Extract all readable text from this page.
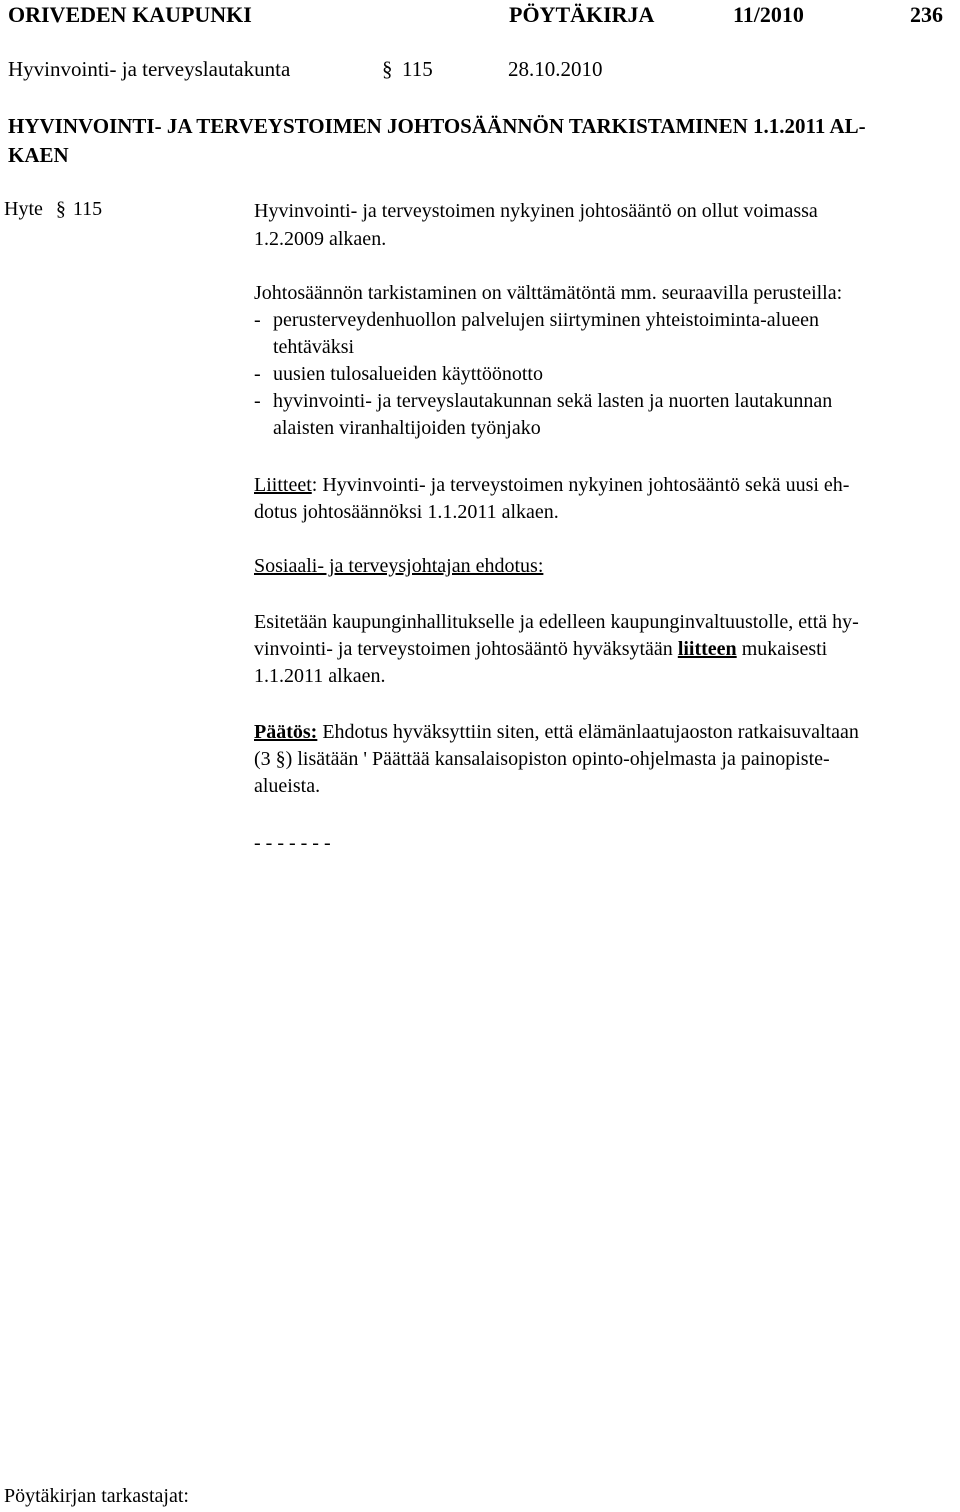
ORIVEDEN KAUPUNKI	PÖYTÄKIRJA	11/2010	236
Hyvinvointi- ja terveyslautakunta	§ 115	28.10.2010
HYVINVOINTI- JA TERVEYSTOIMEN JOHTOSÄÄNNÖN TARKISTAMINEN 1.1.2011 AL-
KAEN
Hyte § 115	Hyvinvointi- ja terveystoimen nykyinen johtosääntö on ollut voimassa
1.2.2009 alkaen.
Johtosäännön tarkistaminen on välttämätöntä mm. seuraavilla perusteilla:
- perusterveydenhuollon palvelujen siirtyminen yhteistoiminta-alueen
tehtäväksi
- uusien tulosalueiden käyttöönotto
- hyvinvointi- ja terveyslautakunnan sekä lasten ja nuorten lautakunnan
alaisten viranhaltijoiden työnjako
Liitteet: Hyvinvointi- ja terveystoimen nykyinen johtosääntö sekä uusi eh-
dotus johtosäännöksi 1.1.2011 alkaen.
Sosiaali- ja terveysjohtajan ehdotus:
Esitetään kaupunginhallitukselle ja edelleen kaupunginvaltuustolle, että hy-
vinvointi- ja terveystoimen johtosääntö hyväksytään liitteen mukaisesti
1.1.2011 alkaen.
Päätös: Ehdotus hyväksyttiin siten, että elämänlaatujaoston ratkaisuvaltaan
(3 §) lisätään ' Päättää kansalaisopiston opinto-ohjelmasta ja painopiste-
alueista.
- - - - - - -
Pöytäkirjan tarkastajat:
